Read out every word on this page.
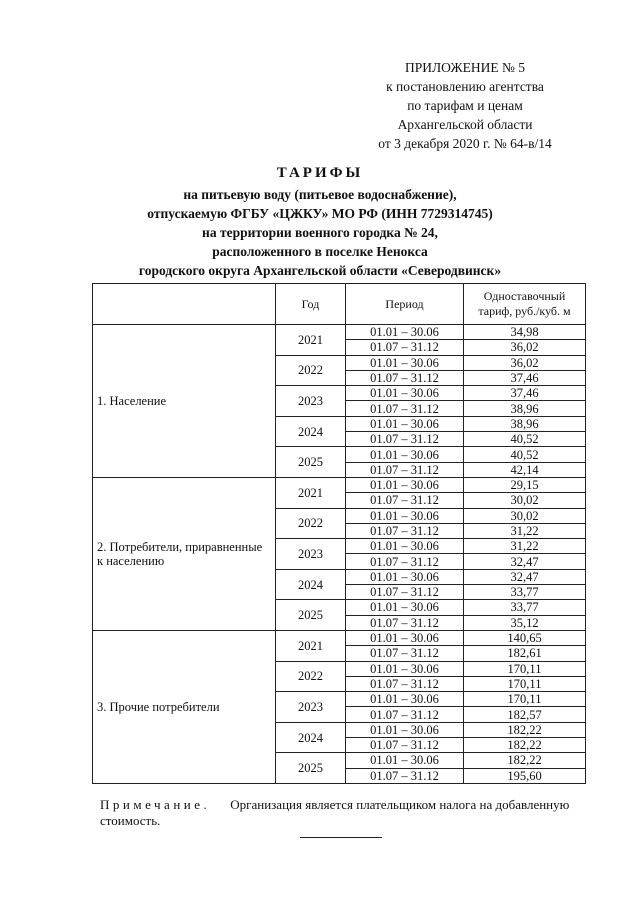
ПРИЛОЖЕНИЕ № 5
к постановлению агентства
по тарифам и ценам
Архангельской области
от 3 декабря 2020 г. № 64-в/14
ТАРИФЫ
на питьевую воду (питьевое водоснабжение),
отпускаемую ФГБУ «ЦЖКУ» МО РФ (ИНН 7729314745)
на территории военного городка № 24,
расположенного в поселке Ненокса
городского округа Архангельской области «Северодвинск»
	Год	Период	Одноставочный тариф, руб./куб. м
1. Население	2021	01.01 – 30.06	34,98
		01.07 – 31.12	36,02
	2022	01.01 – 30.06	36,02
		01.07 – 31.12	37,46
	2023	01.01 – 30.06	37,46
		01.07 – 31.12	38,96
	2024	01.01 – 30.06	38,96
		01.07 – 31.12	40,52
	2025	01.01 – 30.06	40,52
		01.07 – 31.12	42,14
2. Потребители, приравненные к населению	2021	01.01 – 30.06	29,15
		01.07 – 31.12	30,02
	2022	01.01 – 30.06	30,02
		01.07 – 31.12	31,22
	2023	01.01 – 30.06	31,22
		01.07 – 31.12	32,47
	2024	01.01 – 30.06	32,47
		01.07 – 31.12	33,77
	2025	01.01 – 30.06	33,77
		01.07 – 31.12	35,12
3. Прочие потребители	2021	01.01 – 30.06	140,65
		01.07 – 31.12	182,61
	2022	01.01 – 30.06	170,11
		01.07 – 31.12	170,11
	2023	01.01 – 30.06	170,11
		01.07 – 31.12	182,57
	2024	01.01 – 30.06	182,22
		01.07 – 31.12	182,22
	2025	01.01 – 30.06	182,22
		01.07 – 31.12	195,60
Примечание. Организация является плательщиком налога на добавленную стоимость.
